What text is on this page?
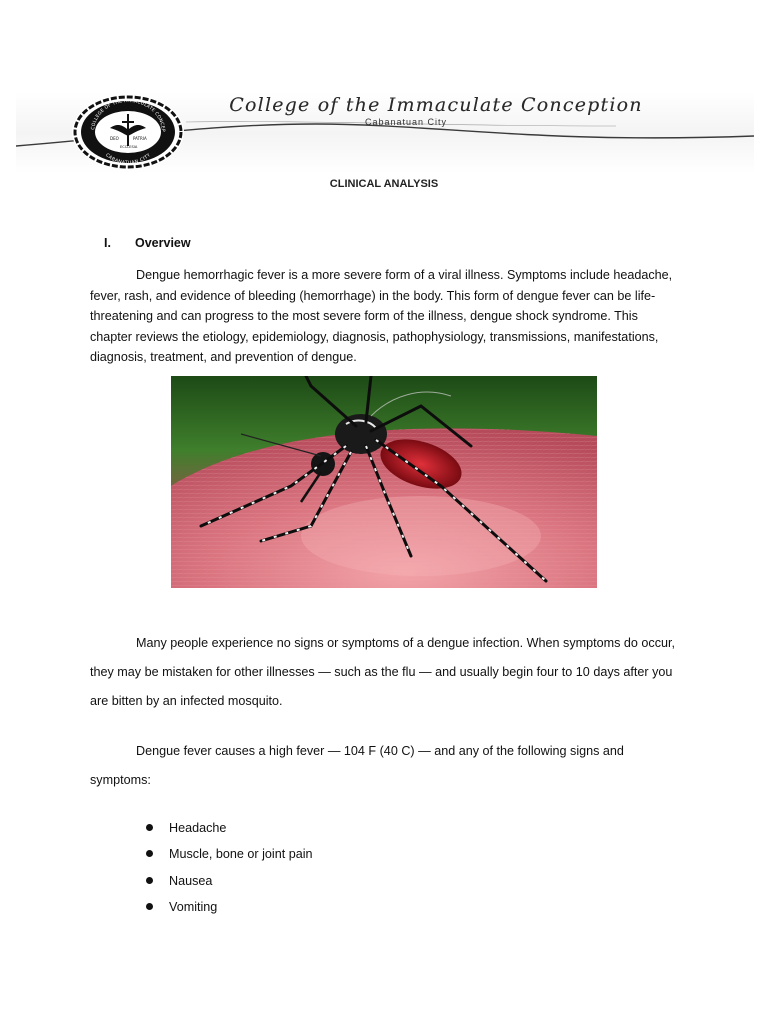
COLLEGE OF THE IMMACULATE CONCEP
CABANATUAN CITY
DEO	PATRIA
ECCLESIA
College of the Immaculate Conception
Cabanatuan City
CLINICAL ANALYSIS
I. Overview

Dengue hemorrhagic fever is a more severe form of a viral illness. Symptoms include headache, fever, rash, and evidence of bleeding (hemorrhage) in the body. This form of dengue fever can be life-threatening and can progress to the most severe form of the illness, dengue shock syndrome. This chapter reviews the etiology, epidemiology, diagnosis, pathophysiology, transmissions, manifestations, diagnosis, treatment, and prevention of dengue.

Many people experience no signs or symptoms of a dengue infection. When symptoms do occur, they may be mistaken for other illnesses — such as the flu — and usually begin four to 10 days after you are bitten by an infected mosquito.

Dengue fever causes a high fever — 104 F (40 C) — and any of the following signs and symptoms:

Headache
Muscle, bone or joint pain
Nausea
Vomiting
